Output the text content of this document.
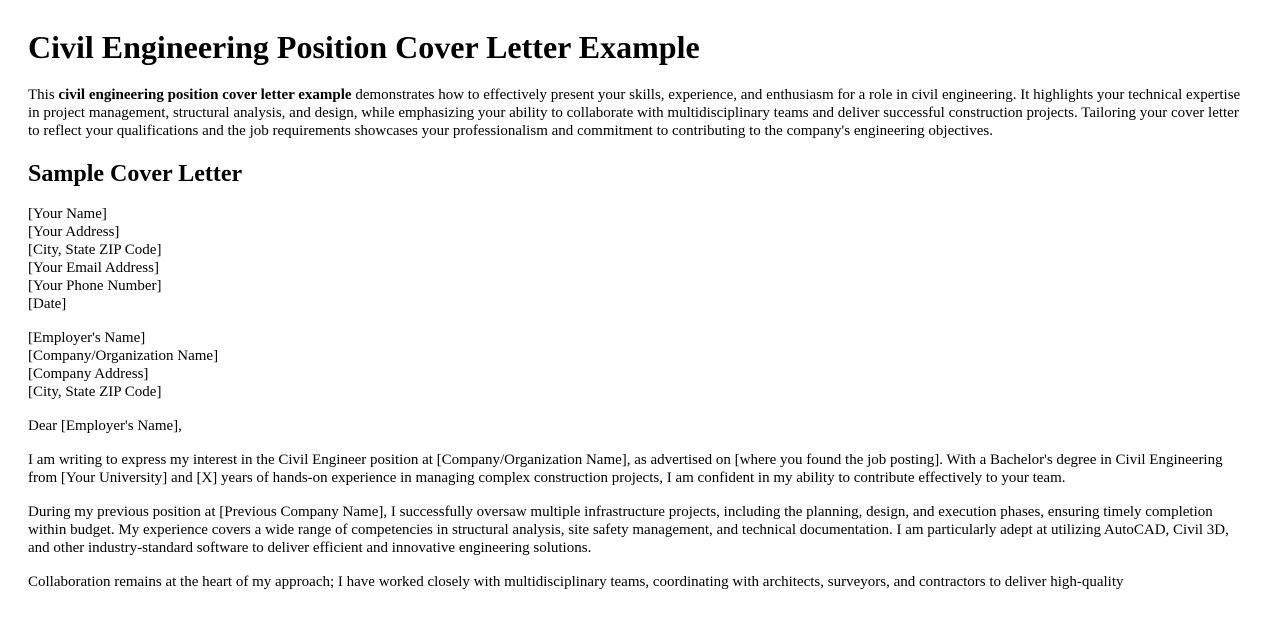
Civil Engineering Position Cover Letter Example

This civil engineering position cover letter example demonstrates how to effectively present your skills, experience, and enthusiasm for a role in civil engineering. It highlights your technical expertise in project management, structural analysis, and design, while emphasizing your ability to collaborate with multidisciplinary teams and deliver successful construction projects. Tailoring your cover letter to reflect your qualifications and the job requirements showcases your professionalism and commitment to contributing to the company's engineering objectives.

Sample Cover Letter
[Your Name]
[Your Address]
[City, State ZIP Code]
[Your Email Address]
[Your Phone Number]
[Date]
[Employer's Name]
[Company/Organization Name]
[Company Address]
[City, State ZIP Code]

Dear [Employer's Name],

I am writing to express my interest in the Civil Engineer position at [Company/Organization Name], as advertised on [where you found the job posting]. With a Bachelor's degree in Civil Engineering from [Your University] and [X] years of hands-on experience in managing complex construction projects, I am confident in my ability to contribute effectively to your team.

During my previous position at [Previous Company Name], I successfully oversaw multiple infrastructure projects, including the planning, design, and execution phases, ensuring timely completion within budget. My experience covers a wide range of competencies in structural analysis, site safety management, and technical documentation. I am particularly adept at utilizing AutoCAD, Civil 3D, and other industry-standard software to deliver efficient and innovative engineering solutions.

Collaboration remains at the heart of my approach; I have worked closely with multidisciplinary teams, coordinating with architects, surveyors, and contractors to deliver high-quality
